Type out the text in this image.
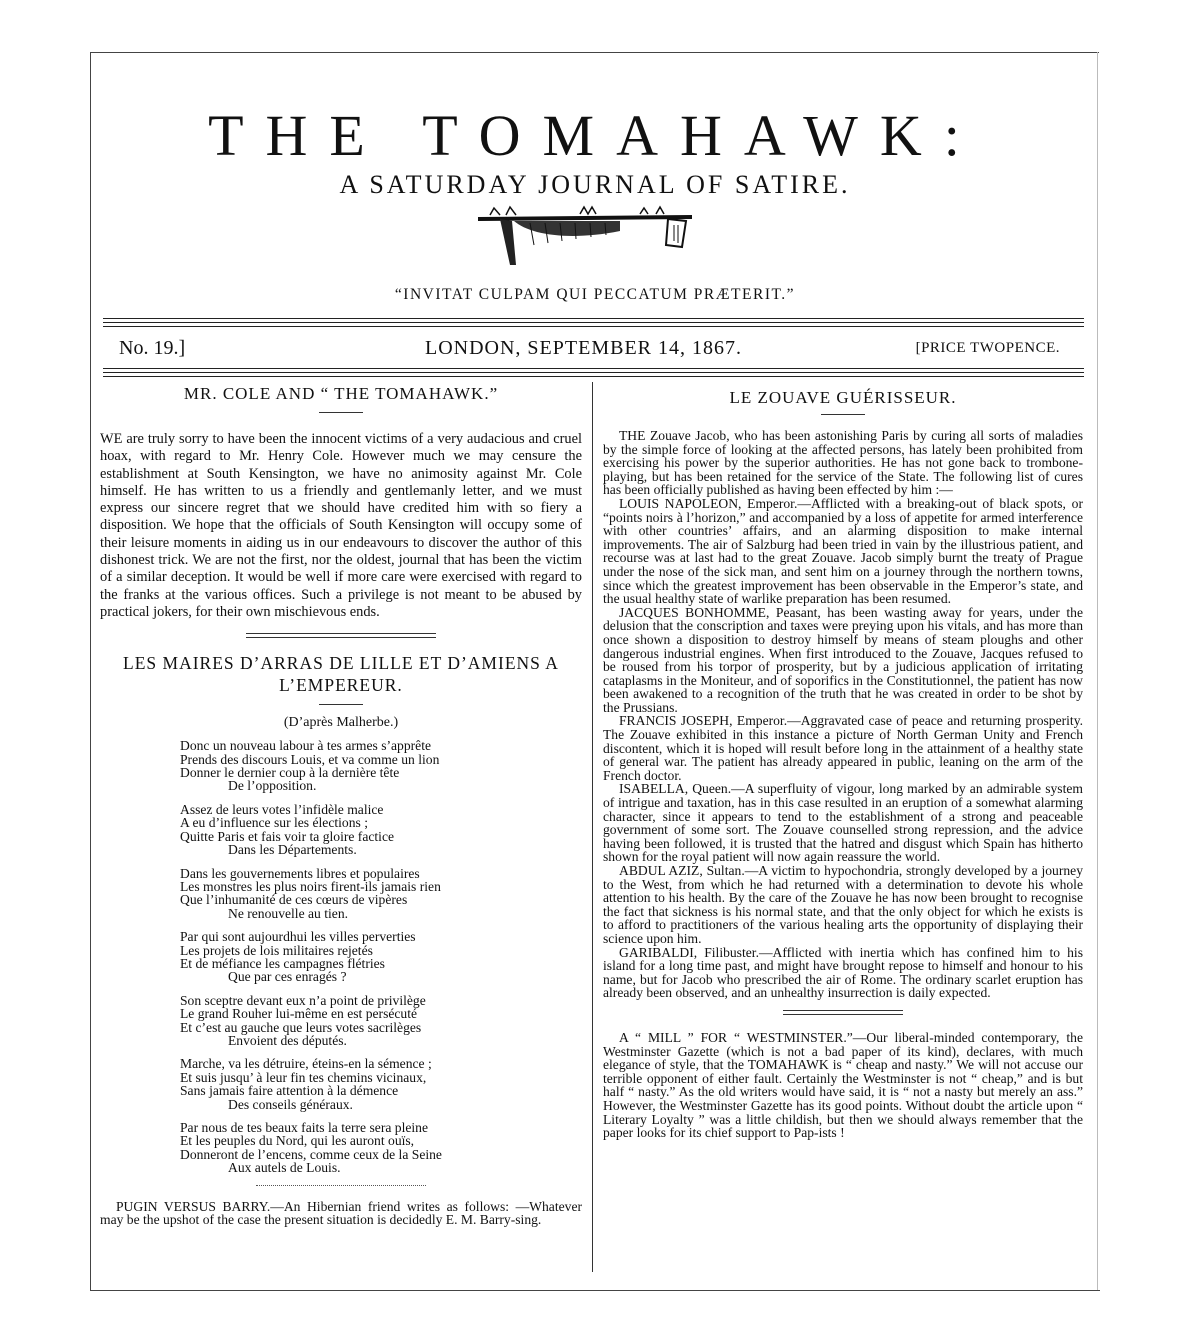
THE TOMAHAWK:
A SATURDAY JOURNAL OF SATIRE.
“INVITAT CULPAM QUI PECCATUM PRÆTERIT.”
No. 19.]	LONDON, SEPTEMBER 14, 1867.	[PRICE TWOPENCE.
MR. COLE AND “ THE TOMAHAWK.”

WE are truly sorry to have been the innocent victims of a very audacious and cruel hoax, with regard to Mr. Henry Cole. However much we may censure the establishment at South Kensington, we have no animosity against Mr. Cole himself. He has written to us a friendly and gentlemanly letter, and we must express our sincere regret that we should have credited him with so fiery a disposition. We hope that the officials of South Kensington will occupy some of their leisure moments in aiding us in our endeavours to discover the author of this dishonest trick. We are not the first, nor the oldest, journal that has been the victim of a similar deception. It would be well if more care were exercised with regard to the franks at the various offices. Such a privilege is not meant to be abused by practical jokers, for their own mischievous ends.

LES MAIRES D’ARRAS DE LILLE ET D’AMIENS A L’EMPEREUR.
(D’après Malherbe.)
Donc un nouveau labour à tes armes s’apprête
Prends des discours Louis, et va comme un lion
Donner le dernier coup à la dernière tête
De l’opposition.
Assez de leurs votes l’infidèle malice
A eu d’influence sur les élections ;
Quitte Paris et fais voir ta gloire factice
Dans les Départements.
Dans les gouvernements libres et populaires
Les monstres les plus noirs firent-ils jamais rien
Que l’inhumanité de ces cœurs de vipères
Ne renouvelle au tien.
Par qui sont aujourdhui les villes perverties
Les projets de lois militaires rejetés
Et de méfiance les campagnes flétries
Que par ces enragés ?
Son sceptre devant eux n’a point de privilège
Le grand Rouher lui-même en est persécuté
Et c’est au gauche que leurs votes sacrilèges
Envoient des députés.
Marche, va les détruire, éteins-en la sémence ;
Et suis jusqu’ à leur fin tes chemins vicinaux,
Sans jamais faire attention à la démence
Des conseils généraux.
Par nous de tes beaux faits la terre sera pleine
Et les peuples du Nord, qui les auront ouïs,
Donneront de l’encens, comme ceux de la Seine
Aux autels de Louis.

PUGIN VERSUS BARRY.—An Hibernian friend writes as follows: —Whatever may be the upshot of the case the present situation is decidedly E. M. Barry-sing.

LE ZOUAVE GUÉRISSEUR.

THE Zouave Jacob, who has been astonishing Paris by curing all sorts of maladies by the simple force of looking at the affected persons, has lately been prohibited from exercising his power by the superior authorities. He has not gone back to trombone-playing, but has been retained for the service of the State. The following list of cures has been officially published as having been effected by him :—

LOUIS NAPOLEON, Emperor.—Afflicted with a breaking-out of black spots, or “points noirs à l’horizon,” and accompanied by a loss of appetite for armed interference with other countries’ affairs, and an alarming disposition to make internal improvements. The air of Salzburg had been tried in vain by the illustrious patient, and recourse was at last had to the great Zouave. Jacob simply burnt the treaty of Prague under the nose of the sick man, and sent him on a journey through the northern towns, since which the greatest improvement has been observable in the Emperor’s state, and the usual healthy state of warlike preparation has been resumed.

JACQUES BONHOMME, Peasant, has been wasting away for years, under the delusion that the conscription and taxes were preying upon his vitals, and has more than once shown a disposition to destroy himself by means of steam ploughs and other dangerous industrial engines. When first introduced to the Zouave, Jacques refused to be roused from his torpor of prosperity, but by a judicious application of irritating cataplasms in the Moniteur, and of soporifics in the Constitutionnel, the patient has now been awakened to a recognition of the truth that he was created in order to be shot by the Prussians.

FRANCIS JOSEPH, Emperor.—Aggravated case of peace and returning prosperity. The Zouave exhibited in this instance a picture of North German Unity and French discontent, which it is hoped will result before long in the attainment of a healthy state of general war. The patient has already appeared in public, leaning on the arm of the French doctor.

ISABELLA, Queen.—A superfluity of vigour, long marked by an admirable system of intrigue and taxation, has in this case resulted in an eruption of a somewhat alarming character, since it appears to tend to the establishment of a strong and peaceable government of some sort. The Zouave counselled strong repression, and the advice having been followed, it is trusted that the hatred and disgust which Spain has hitherto shown for the royal patient will now again reassure the world.

ABDUL AZIZ, Sultan.—A victim to hypochondria, strongly developed by a journey to the West, from which he had returned with a determination to devote his whole attention to his health. By the care of the Zouave he has now been brought to recognise the fact that sickness is his normal state, and that the only object for which he exists is to afford to practitioners of the various healing arts the opportunity of displaying their science upon him.

GARIBALDI, Filibuster.—Afflicted with inertia which has confined him to his island for a long time past, and might have brought repose to himself and honour to his name, but for Jacob who prescribed the air of Rome. The ordinary scarlet eruption has already been observed, and an unhealthy insurrection is daily expected.

A “ MILL ” FOR “ WESTMINSTER.”—Our liberal-minded contemporary, the Westminster Gazette (which is not a bad paper of its kind), declares, with much elegance of style, that the TOMAHAWK is “ cheap and nasty.” We will not accuse our terrible opponent of either fault. Certainly the Westminster is not “ cheap,” and is but half “ nasty.” As the old writers would have said, it is “ not a nasty but merely an ass.” However, the Westminster Gazette has its good points. Without doubt the article upon “ Literary Loyalty ” was a little childish, but then we should always remember that the paper looks for its chief support to Pap-ists !
